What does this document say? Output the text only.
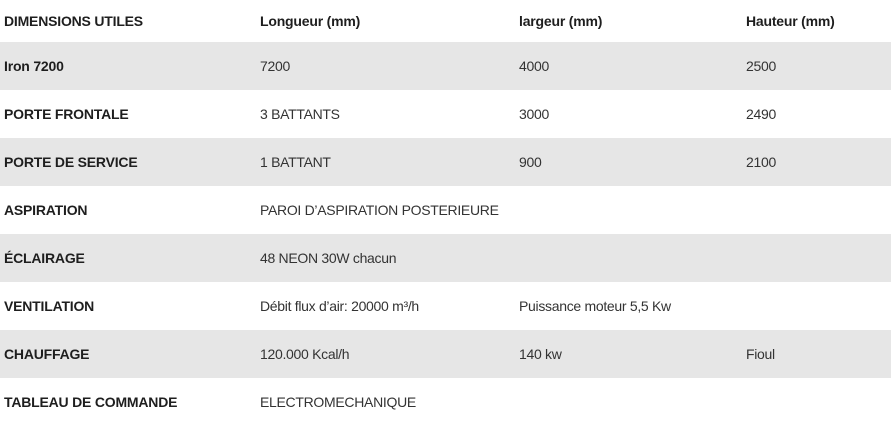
DIMENSIONS UTILES	Longueur (mm)	largeur (mm)	Hauteur (mm)
Iron 7200	7200	4000	2500
PORTE FRONTALE	3 BATTANTS	3000	2490
PORTE DE SERVICE	1 BATTANT	900	2100
ASPIRATION	PAROI D’ASPIRATION POSTERIEURE		
ÉCLAIRAGE	48 NEON 30W chacun		
VENTILATION	Débit flux d’air: 20000 m³/h	Puissance moteur 5,5 Kw	
CHAUFFAGE	120.000 Kcal/h	140 kw	Fioul
TABLEAU DE COMMANDE	ELECTROMECHANIQUE		
